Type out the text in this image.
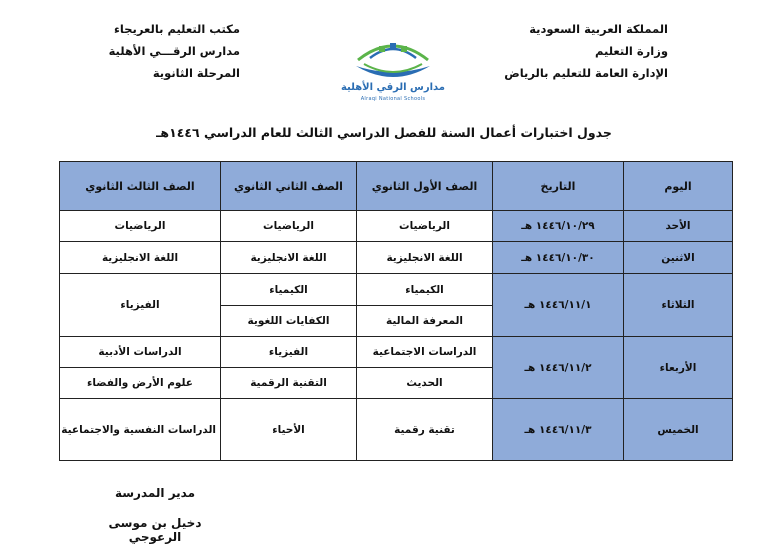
المملكة العربية السعودية
وزارة التعليم
الإدارة العامة للتعليم بالرياض
مكتب التعليم بالعريجاء
مدارس الرقـــي الأهلية
المرحلة الثانوية
مدارس الرقي الأهلية
Alraqi National Schools
جدول اختبارات أعمال السنة للفصل الدراسي الثالث للعام الدراسي ١٤٤٦هـ
اليوم	التاريخ	الصف الأول الثانوي	الصف الثاني الثانوي	الصف الثالث الثانوي
الأحد	١٤٤٦/١٠/٢٩ هـ	الرياضيات	الرياضيات	الرياضيات
الاثنين	١٤٤٦/١٠/٣٠ هـ	اللغة الانجليزية	اللغة الانجليزية	اللغة الانجليزية
الثلاثاء	١٤٤٦/١١/١ هـ	الكيمياء	الكيمياء	الفيزياء
		المعرفة المالية	الكفايات اللغوية	
الأربعاء	١٤٤٦/١١/٢ هـ	الدراسات الاجتماعية	الفيزياء	الدراسات الأدبية
		الحديث	التقنية الرقمية	علوم الأرض والفضاء
الخميس	١٤٤٦/١١/٣ هـ	تقنية رقمية	الأحياء	الدراسات النفسية والاجتماعية
مدير المدرسة
دخيل بن موسى الرعوجي
